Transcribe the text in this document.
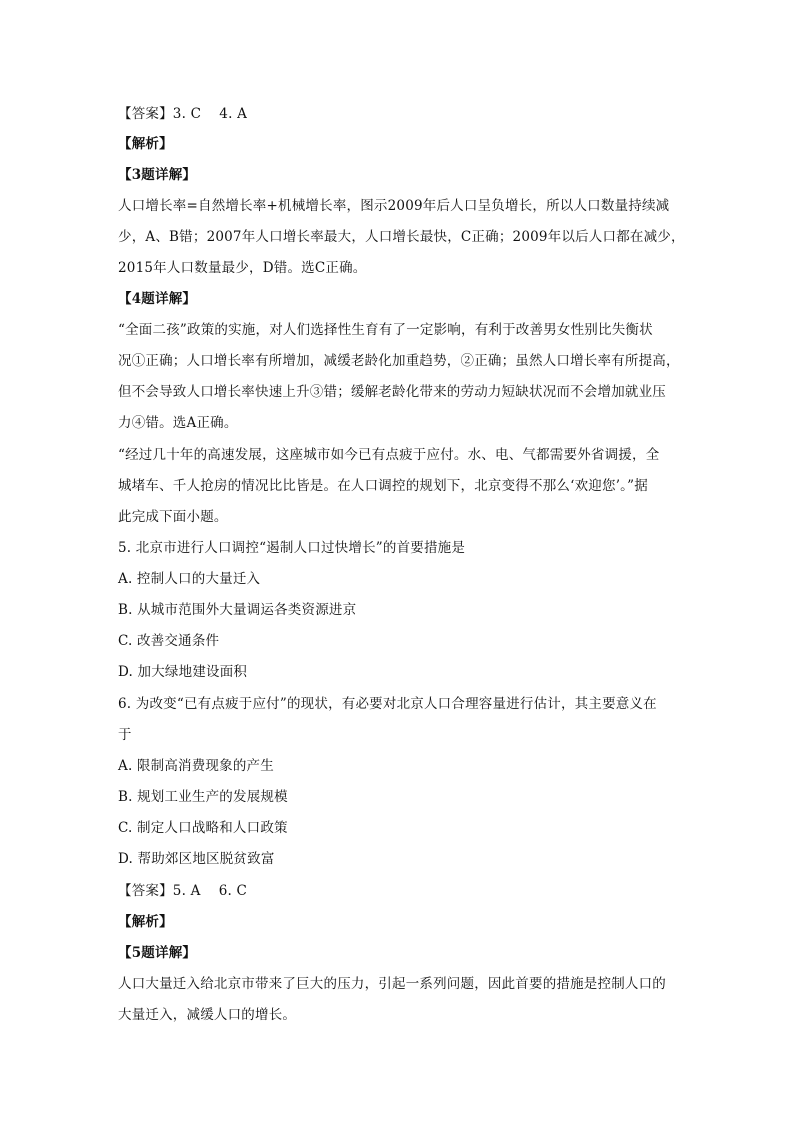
【答案】3. C　 4. A
【解析】
【3题详解】
人口增长率=自然增长率+机械增长率，图示2009年后人口呈负增长，所以人口数量持续减
少，A、B错；2007年人口增长率最大，人口增长最快，C正确；2009年以后人口都在减少，
2015年人口数量最少，D错。选C正确。
【4题详解】
“全面二孩”政策的实施，对人们选择性生育有了一定影响，有利于改善男女性别比失衡状
况①正确；人口增长率有所增加，减缓老龄化加重趋势，②正确；虽然人口增长率有所提高，
但不会导致人口增长率快速上升③错；缓解老龄化带来的劳动力短缺状况而不会增加就业压
力④错。选A正确。
“经过几十年的高速发展，这座城市如今已有点疲于应付。水、电、气都需要外省调援，全
城堵车、千人抢房的情况比比皆是。在人口调控的规划下，北京变得不那么‘欢迎您’。”据
此完成下面小题。
5. 北京市进行人口调控“遏制人口过快增长”的首要措施是
A. 控制人口的大量迁入
B. 从城市范围外大量调运各类资源进京
C. 改善交通条件
D. 加大绿地建设面积
6. 为改变“已有点疲于应付”的现状，有必要对北京人口合理容量进行估计，其主要意义在
于
A. 限制高消费现象的产生
B. 规划工业生产的发展规模
C. 制定人口战略和人口政策
D. 帮助郊区地区脱贫致富
【答案】5. A　 6. C
【解析】
【5题详解】
人口大量迁入给北京市带来了巨大的压力，引起一系列问题，因此首要的措施是控制人口的
大量迁入，减缓人口的增长。
